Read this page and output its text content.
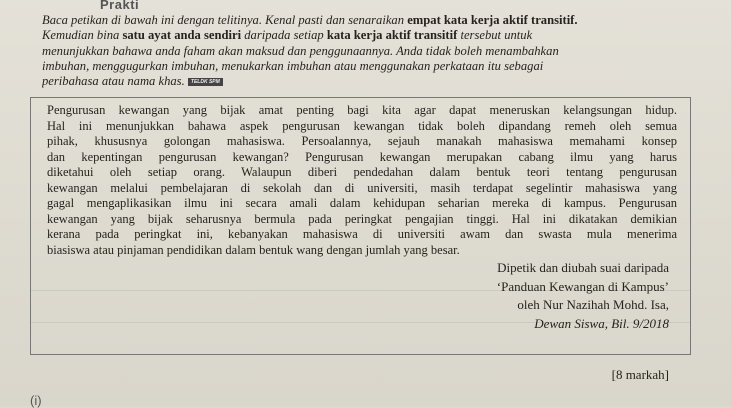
Prakti
Baca petikan di bawah ini dengan telitinya. Kenal pasti dan senaraikan empat kata kerja aktif transitif.
Kemudian bina satu ayat anda sendiri daripada setiap kata kerja aktif transitif tersebut untuk
menunjukkan bahawa anda faham akan maksud dan penggunaannya. Anda tidak boleh menambahkan
imbuhan, menggugurkan imbuhan, menukarkan imbuhan atau menggunakan perkataan itu sebagai
peribahasa atau nama khas. TELDK SPM
Pengurusan kewangan yang bijak amat penting bagi kita agar dapat meneruskan kelangsungan hidup.
Hal ini menunjukkan bahawa aspek pengurusan kewangan tidak boleh dipandang remeh oleh semua
pihak, khususnya golongan mahasiswa. Persoalannya, sejauh manakah mahasiswa memahami konsep
dan kepentingan pengurusan kewangan? Pengurusan kewangan merupakan cabang ilmu yang harus
diketahui oleh setiap orang. Walaupun diberi pendedahan dalam bentuk teori tentang pengurusan
kewangan melalui pembelajaran di sekolah dan di universiti, masih terdapat segelintir mahasiswa yang
gagal mengaplikasikan ilmu ini secara amali dalam kehidupan seharian mereka di kampus. Pengurusan
kewangan yang bijak seharusnya bermula pada peringkat pengajian tinggi. Hal ini dikatakan demikian
kerana pada peringkat ini, kebanyakan mahasiswa di universiti awam dan swasta mula menerima
biasiswa atau pinjaman pendidikan dalam bentuk wang dengan jumlah yang besar.
Dipetik dan diubah suai daripada
‘Panduan Kewangan di Kampus’
oleh Nur Nazihah Mohd. Isa,
Dewan Siswa, Bil. 9/2018
[8 markah]
(i)
